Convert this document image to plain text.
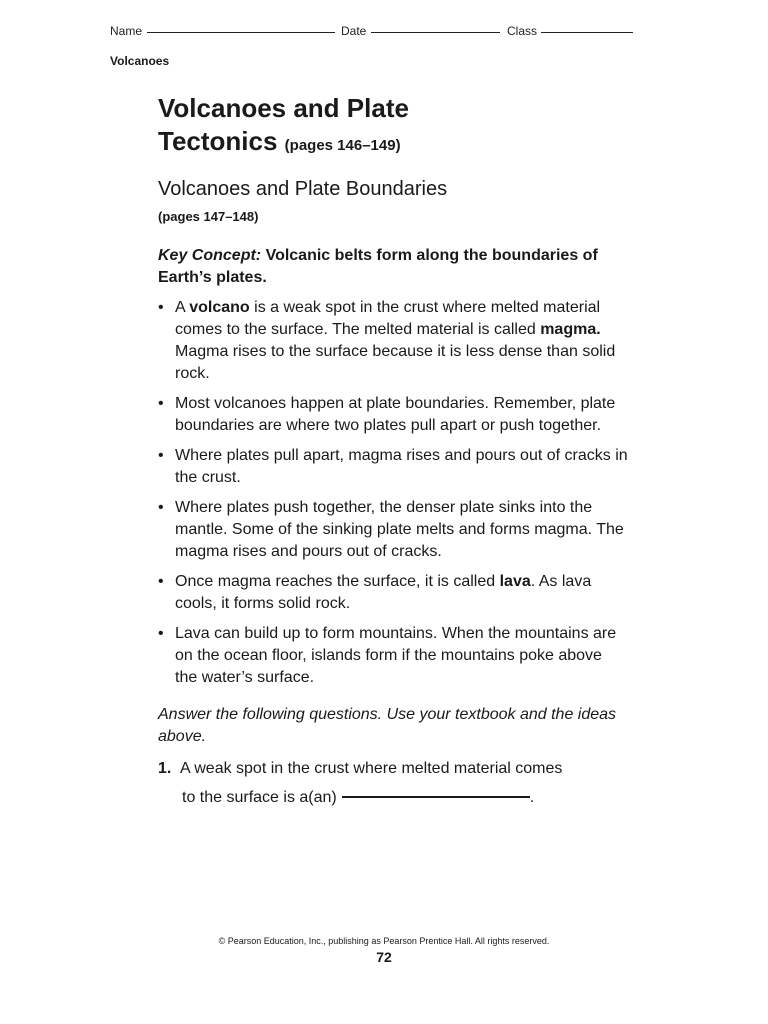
Name	Date	Class
Volcanoes
Volcanoes and Plate
Tectonics (pages 146–149)
Volcanoes and Plate Boundaries
(pages 147–148)

Key Concept: Volcanic belts form along the boundaries of Earth’s plates.

• A volcano is a weak spot in the crust where melted material comes to the surface. The melted material is called magma. Magma rises to the surface because it is less dense than solid rock.
• Most volcanoes happen at plate boundaries. Remember, plate boundaries are where two plates pull apart or push together.
• Where plates pull apart, magma rises and pours out of cracks in the crust.
• Where plates push together, the denser plate sinks into the mantle. Some of the sinking plate melts and forms magma. The magma rises and pours out of cracks.
• Once magma reaches the surface, it is called lava. As lava cools, it forms solid rock.
• Lava can build up to form mountains. When the mountains are on the ocean floor, islands form if the mountains poke above the water’s surface.

Answer the following questions. Use your textbook and the ideas above.

1. A weak spot in the crust where melted material comes
to the surface is a(an)	.
© Pearson Education, Inc., publishing as Pearson Prentice Hall. All rights reserved.
72
